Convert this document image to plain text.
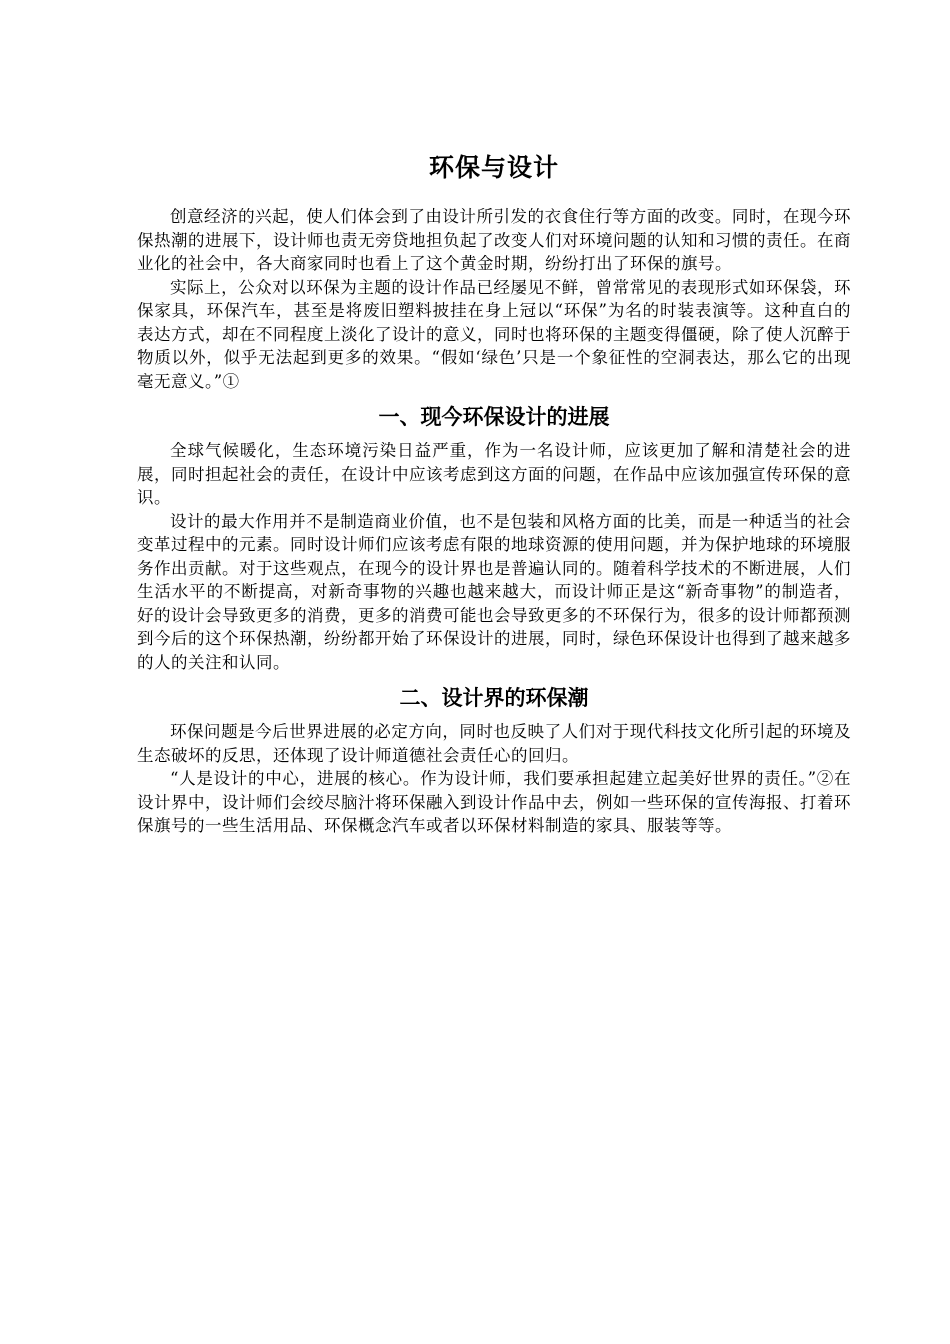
环保与设计

创意经济的兴起，使人们体会到了由设计所引发的衣食住行等方面的改变。同时，在现今环保热潮的进展下，设计师也责无旁贷地担负起了改变人们对环境问题的认知和习惯的责任。在商业化的社会中，各大商家同时也看上了这个黄金时期，纷纷打出了环保的旗号。

实际上，公众对以环保为主题的设计作品已经屡见不鲜，曾常常见的表现形式如环保袋，环保家具，环保汽车，甚至是将废旧塑料披挂在身上冠以“环保”为名的时装表演等。这种直白的表达方式，却在不同程度上淡化了设计的意义，同时也将环保的主题变得僵硬，除了使人沉醉于物质以外，似乎无法起到更多的效果。“假如‘绿色’只是一个象征性的空洞表达，那么它的出现毫无意义。”①

一、现今环保设计的进展

全球气候暖化，生态环境污染日益严重，作为一名设计师，应该更加了解和清楚社会的进展，同时担起社会的责任，在设计中应该考虑到这方面的问题，在作品中应该加强宣传环保的意识。

设计的最大作用并不是制造商业价值，也不是包装和风格方面的比美，而是一种适当的社会变革过程中的元素。同时设计师们应该考虑有限的地球资源的使用问题，并为保护地球的环境服务作出贡献。对于这些观点，在现今的设计界也是普遍认同的。随着科学技术的不断进展，人们生活水平的不断提高，对新奇事物的兴趣也越来越大，而设计师正是这“新奇事物”的制造者，好的设计会导致更多的消费，更多的消费可能也会导致更多的不环保行为，很多的设计师都预测到今后的这个环保热潮，纷纷都开始了环保设计的进展，同时，绿色环保设计也得到了越来越多的人的关注和认同。

二、设计界的环保潮

环保问题是今后世界进展的必定方向，同时也反映了人们对于现代科技文化所引起的环境及生态破坏的反思，还体现了设计师道德社会责任心的回归。

“人是设计的中心，进展的核心。作为设计师，我们要承担起建立起美好世界的责任。”②在设计界中，设计师们会绞尽脑汁将环保融入到设计作品中去，例如一些环保的宣传海报、打着环保旗号的一些生活用品、环保概念汽车或者以环保材料制造的家具、服装等等。
